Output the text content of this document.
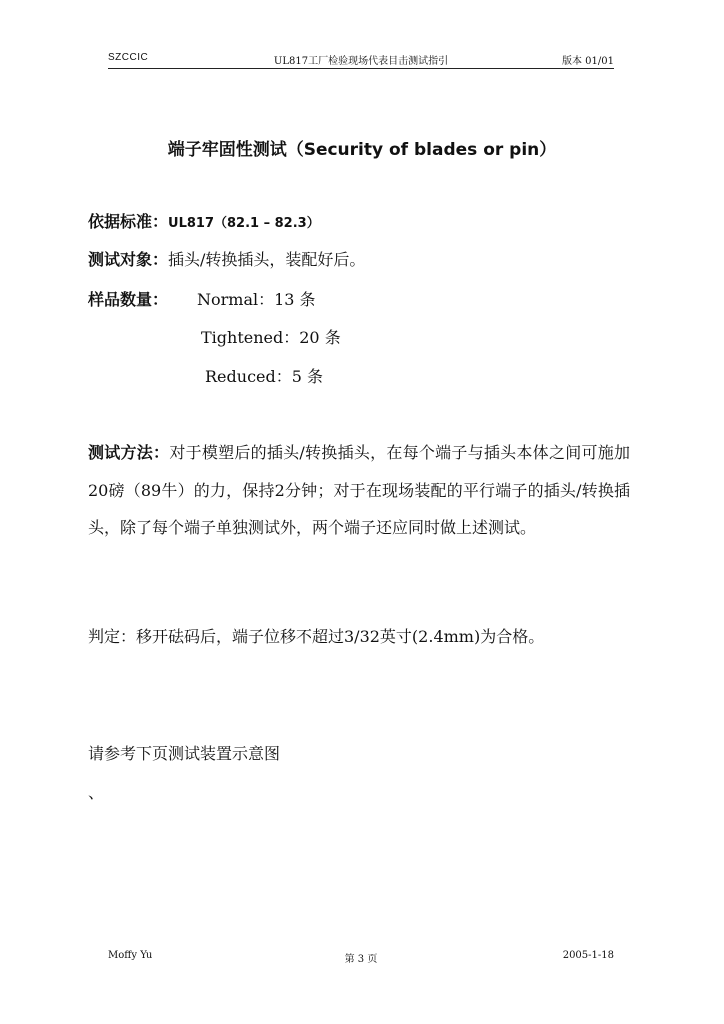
SZCCIC	UL817工厂检验现场代表目击测试指引	版本 01/01
端子牢固性测试（Security of blades or pin）
依据标准：UL817（82.1 – 82.3）
测试对象：插头/转换插头，装配好后。
样品数量： Normal：13 条
Tightened：20 条
Reduced：5 条
测试方法：对于模塑后的插头/转换插头，在每个端子与插头本体之间可施加20磅（89牛）的力，保持2分钟；对于在现场装配的平行端子的插头/转换插头，除了每个端子单独测试外，两个端子还应同时做上述测试。
判定：移开砝码后，端子位移不超过3/32英寸(2.4mm)为合格。
请参考下页测试装置示意图
、
Moffy Yu	第 3 页	2005-1-18
